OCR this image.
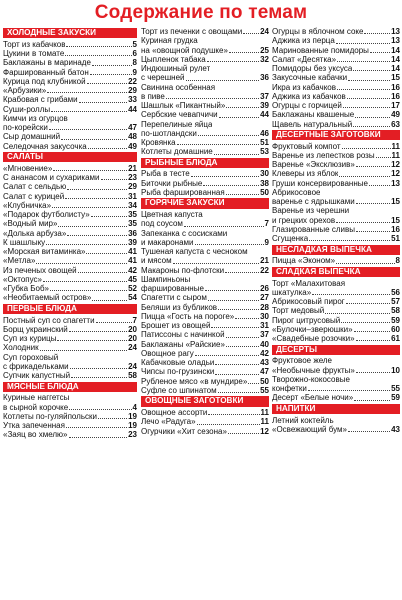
Содержание по темам
ХОЛОДНЫЕ ЗАКУСКИ
Торт из кабачков	5
Цукини в томате	6
Баклажаны в маринаде	8
Фаршированный батон	9
Курица под клубникой	22
«Арбузики»	29
Крабовая с грибами	33
Суши-роллы	44
Кимчи из огурцов
по-корейски	47
Сыр домашний	48
Селедочная закусочка	49
САЛАТЫ
«Мгновение»	21
С ананасом и сухариками	23
Салат с сельдью	29
Салат с курицей	31
«Клубничка»	34
«Подарок футболисту»	35
«Водный мир»	35
«Долька арбуза»	36
К шашлыку	39
«Морская витаминка»	41
«Метла»	41
Из печеных овощей	42
«Октопус»	45
«Губка Боб»	52
«Необитаемый остров»	54
ПЕРВЫЕ БЛЮДА
Постный суп со спагетти	7
Борщ украинский	20
Суп из курицы	20
Холодник	24
Суп гороховый
с фрикадельками	24
Супчик капустный	58
МЯСНЫЕ БЛЮДА
Куриные наггетсы
в сырной корочке	4
Котлеты по-гуляйпольски	19
Утка запеченная	19
«Заяц во хмелю»	23
Торт из печенки с овощами 24
Куриная грудка
на «овощной подушке»	25
Цыпленок табака	32
Индюшиный рулет
с черешней	36
Свинина особенная
в пиве	37
Шашлык «Пикантный»	39
Сербские чевапчичи	44
Перепелиные яйца
по-шотландски	46
Кровянка	51
Котлеты домашние	53
РЫБНЫЕ БЛЮДА
Рыба в тесте	30
Биточки рыбные	38
Рыба фаршированная	50
ГОРЯЧИЕ ЗАКУСКИ
Цветная капуста
под соусом	7
Запеканка с сосисками
и макаронами	9
Тушеная капуста с чесноком
и мясом	21
Макароны по-флотски	22
Шампиньоны
фаршированные	26
Спагетти с сыром	27
Беляши из бубликов	28
Пицца «Гость на пороге»	30
Брошет из овощей	31
Патиссоны с начинкой	37
Баклажаны «Райские»	40
Овощное рагу	42
Кабачковые оладьи	43
Чипсы по-грузински	47
Рубленое мясо «в мундире» 50
Суфле со шпинатом	55
ОВОЩНЫЕ ЗАГОТОВКИ
Овощное ассорти	11
Лечо «Радуга»	11
Огурчики «Хит сезона»	12
Огурцы в яблочном соке	13
Аджика из перца	13
Маринованные помидоры	14
Салат «Десятка»	14
Помидоры без уксуса	14
Закусочные кабачки	15
Икра из кабачков	16
Аджика из кабачков	16
Огурцы с горчицей	17
Баклажаны квашеные	49
Щавель натуральный	63
ДЕСЕРТНЫЕ ЗАГОТОВКИ
Фруктовый компот	11
Варенье из лепестков розы 11
Варенье «Эксклюзив»	12
Клеверы из яблок	12
Груши консервированные	13
Абрикосовое
варенье с ядрышками	15
Варенье из черешни
и грецких орехов	15
Глазированные сливы	16
Сгущенка	51
НЕСЛАДКАЯ ВЫПЕЧКА
Пицца «Эконом»	8
СЛАДКАЯ ВЫПЕЧКА
Торт «Малахитовая
шкатулка»	56
Абрикосовый пирог	57
Торт медовый	58
Пирог цитрусовый	59
«Булочки–зверюшки»	60
«Свадебные розочки»	61
ДЕСЕРТЫ
Фруктовое желе
«Необычные фрукты»	10
Творожно-кокосовые
конфетки	55
Десерт «Белые ночи»	59
НАПИТКИ
Летний коктейль
«Освежающий бум»	43
